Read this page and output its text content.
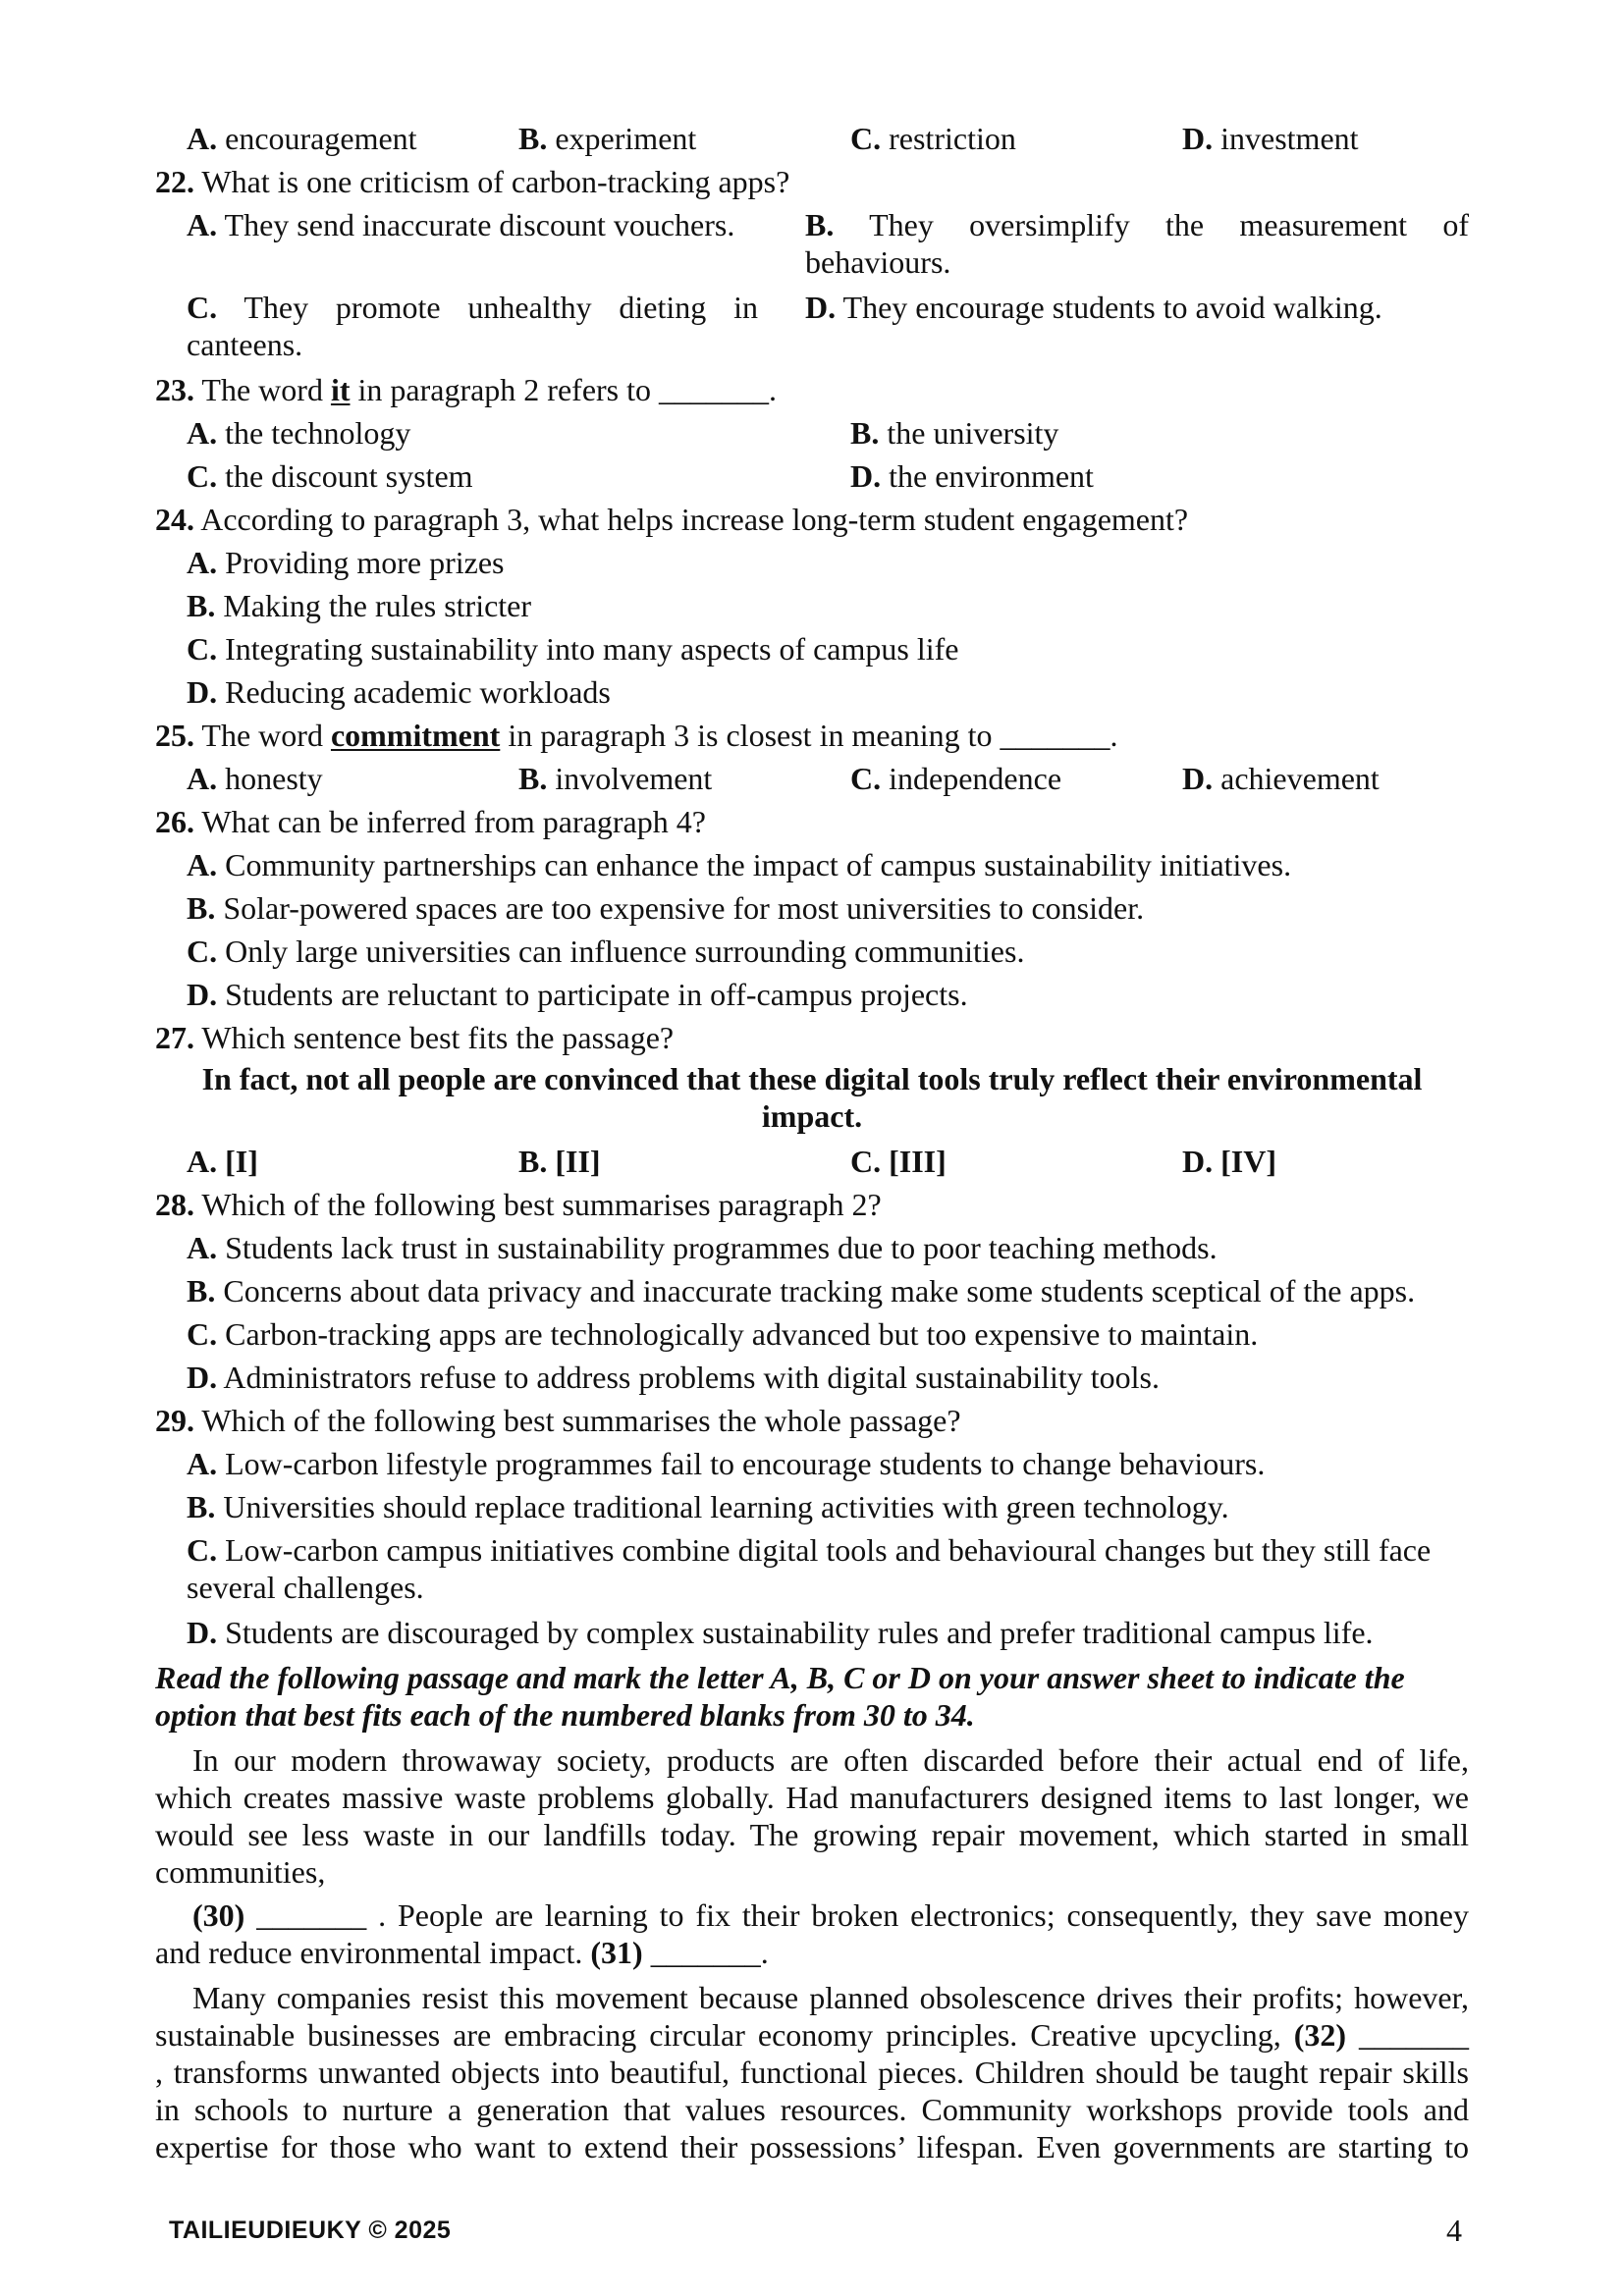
A. encouragement	B. experiment	C. restriction	D. investment
22. What is one criticism of carbon-tracking apps?
A. They send inaccurate discount vouchers. B. They oversimplify the measurement of
behaviours.
C. They promote unhealthy dieting in
canteens.
D. They encourage students to avoid walking.
23. The word it in paragraph 2 refers to _______.
A. the technology	B. the university
C. the discount system	D. the environment
24. According to paragraph 3, what helps increase long-term student engagement?
A. Providing more prizes
B. Making the rules stricter
C. Integrating sustainability into many aspects of campus life
D. Reducing academic workloads
25. The word commitment in paragraph 3 is closest in meaning to _______.
A. honesty	B. involvement	C. independence	D. achievement
26. What can be inferred from paragraph 4?
A. Community partnerships can enhance the impact of campus sustainability initiatives.
B. Solar-powered spaces are too expensive for most universities to consider.
C. Only large universities can influence surrounding communities.
D. Students are reluctant to participate in off-campus projects.
27. Which sentence best fits the passage?
In fact, not all people are convinced that these digital tools truly reflect their environmental
impact.
A. [I]	B. [II]	C. [III]	D. [IV]
28. Which of the following best summarises paragraph 2?
A. Students lack trust in sustainability programmes due to poor teaching methods.
B. Concerns about data privacy and inaccurate tracking make some students sceptical of the apps.
C. Carbon-tracking apps are technologically advanced but too expensive to maintain.
D. Administrators refuse to address problems with digital sustainability tools.
29. Which of the following best summarises the whole passage?
A. Low-carbon lifestyle programmes fail to encourage students to change behaviours.
B. Universities should replace traditional learning activities with green technology.
C. Low-carbon campus initiatives combine digital tools and behavioural changes but they still face
several challenges.
D. Students are discouraged by complex sustainability rules and prefer traditional campus life.
Read the following passage and mark the letter A, B, C or D on your answer sheet to indicate the
option that best fits each of the numbered blanks from 30 to 34.
In our modern throwaway society, products are often discarded before their actual end of life,
which creates massive waste problems globally. Had manufacturers designed items to last longer, we
would see less waste in our landfills today. The growing repair movement, which started in small
communities,
(30) _______ . People are learning to fix their broken electronics; consequently, they save money
and reduce environmental impact. (31) _______.
Many companies resist this movement because planned obsolescence drives their profits; however,
sustainable businesses are embracing circular economy principles. Creative upcycling, (32) _______
, transforms unwanted objects into beautiful, functional pieces. Children should be taught repair skills
in schools to nurture a generation that values resources. Community workshops provide tools and
expertise for those who want to extend their possessions’ lifespan. Even governments are starting to
TAILIEUDIEUKY © 2025	4
